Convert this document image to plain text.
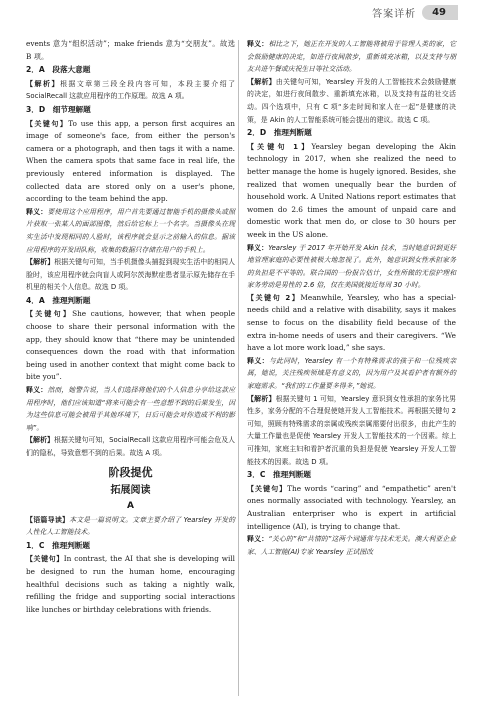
答案详析	49

events 意为“组织活动”；make friends 意为“交朋友”。故选 B 项。

2．A　段落大意题

【解析】根据文章第三段全段内容可知，本段主要介绍了 SocialRecall 这款应用程序的工作原理。故选 A 项。

3．D　细节理解题

【关键句】To use this app, a person first acquires an image of someone's face, from either the person's camera or a photograph, and then tags it with a name. When the camera spots that same face in real life, the previously entered information is displayed. The collected data are stored only on a user's phone, according to the team behind the app.

释义：要使用这个应用程序，用户首先要通过智能手机的摄像头或照片获取一张某人的面部图像，然后给它标上一个名字。当摄像头在现实生活中发现相同的人脸时，该程序就会显示之前输入的信息。据该应用程序的开发团队称，收集的数据只存储在用户的手机上。

【解析】根据关键句可知，当手机摄像头捕捉到现实生活中的相同人脸时，该应用程序就会向盲人或阿尔茨海默症患者显示原先储存在手机里的相关个人信息。故选 D 项。

4．A　推理判断题

【关键句】She cautions, however, that when people choose to share their personal information with the app, they should know that “there may be unintended consequences down the road with that information being used in another context that might come back to bite you”.

释义：然而，她警告说，当人们选择将他们的个人信息分享给这款应用程序时，他们应该知道“将来可能会有一些意想不到的后果发生，因为这些信息可能会被用于其他环境下，日后可能会对你造成不利的影响”。

【解析】根据关键句可知，SocialRecall 这款应用程序可能会危及人们的隐私，导致意想不到的后果。故选 A 项。

阶段提优

拓展阅读

A

【语篇导读】本文是一篇说明文。文章主要介绍了 Yearsley 开发的人性化人工智能技术。

1．C　推理判断题

【关键句】In contrast, the AI that she is developing will be designed to run the human home, encouraging healthful decisions such as taking a nightly walk, refilling the fridge and supporting social interactions like lunches or birthday celebrations with friends.

释义：相比之下，她正在开发的人工智能将被用于管理人类的家，它会鼓励健康的决定，如进行夜间散步，重新填充冰箱，以及支持与朋友共进午餐或庆祝生日等社交活动。

【解析】由关键句可知，Yearsley 开发的人工智能技术会鼓励健康的决定，如进行夜间散步、重新填充冰箱，以及支持有益的社交活动。四个选项中，只有 C 项“多走时间和家人在一起”是健康的决策，是 Akin 的人工智能系统可能会提出的建议。故选 C 项。

2．D　推理判断题

【关键句 1】Yearsley began developing the Akin technology in 2017, when she realized the need to better manage the home is hugely ignored. Besides, she realized that women unequally bear the burden of household work. A United Nations report estimates that women do 2.6 times the amount of unpaid care and domestic work that men do, or close to 30 hours per week in the US alone.

释义：Yearsley 于 2017 年开始开发 Akin 技术，当时她意识到更好地管理家庭的必要性被极大地忽视了。此外，她意识到女性承担家务的负担是不平等的。联合国的一份报告估计，女性所做的无偿护理和家务劳动是男性的 2.6 倍，仅在美国就接近每周 30 小时。

【关键句 2】Meanwhile, Yearsley, who has a special-needs child and a relative with disability, says it makes sense to focus on the disability field because of the extra in-home needs of users and their caregivers. “We have a lot more work load,” she says.

释义：与此同时，Yearsley 有一个有特殊需求的孩子和一位残疾亲属，她说，关注残疾领域是有意义的，因为用户及其看护者有额外的家庭需求。“我们的工作量要多得多，”她说。

【解析】根据关键句 1 可知，Yearsley 意识到女性承担的家务比男性多，家务分配的不合理促使她开发人工智能技术。再根据关键句 2 可知，照顾有特殊需求的亲属或残疾亲属需要付出很多，由此产生的大量工作量也是促使 Yearsley 开发人工智能技术的一个因素。综上可推知，家庭主妇和看护者沉重的负担是促使 Yearsley 开发人工智能技术的因素。故选 D 项。

3．C　推理判断题

【关键句】The words “caring” and “empathetic” aren't ones normally associated with technology. Yearsley, an Australian enterpriser who is expert in artificial intelligence (AI), is trying to change that.

释义：“关心的”和“共情的”这两个词通常与技术无关。澳大利亚企业家、人工智能(AI)专家 Yearsley 正试图改
